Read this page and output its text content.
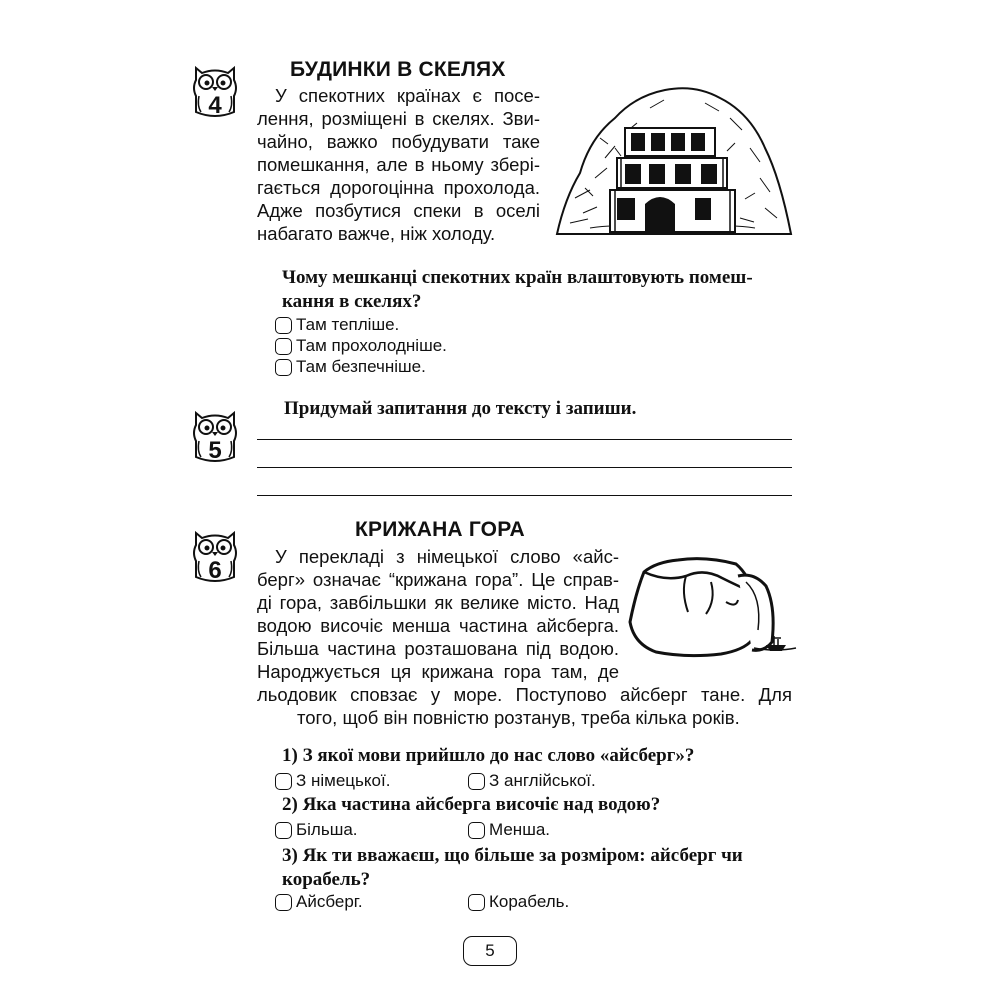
4
БУДИНКИ В СКЕЛЯХ
У спекотних країнах є посе-
лення, розміщені в скелях. Зви-
чайно, важко побудувати таке
помешкання, але в ньому збері-
гається дорогоцінна прохолода.
Адже позбутися спеки в оселі
набагато важче, ніж холоду.
Чому мешканці спекотних країн влаштовують помеш-
кання в скелях?
Там тепліше.
Там прохолодніше.
Там безпечніше.
5
Придумай запитання до тексту і запиши.
6
КРИЖАНА ГОРА
У перекладі з німецької слово «айс-
берг» означає “крижана гора”. Це справ-
ді гора, завбільшки як велике місто. Над
водою височіє менша частина айсберга.
Більша частина розташована під водою.
Народжується ця крижана гора там, де
льодовик сповзає у море. Поступово айсберг тане. Для
того, щоб він повністю розтанув, треба кілька років.
1) З якої мови прийшло до нас слово «айсберг»?
З німецької.	З англійської.
2) Яка частина айсберга височіє над водою?
Більша.	Менша.
3) Як ти вважаєш, що більше за розміром: айсберг чи
корабель?
Айсберг.	Корабель.
5
